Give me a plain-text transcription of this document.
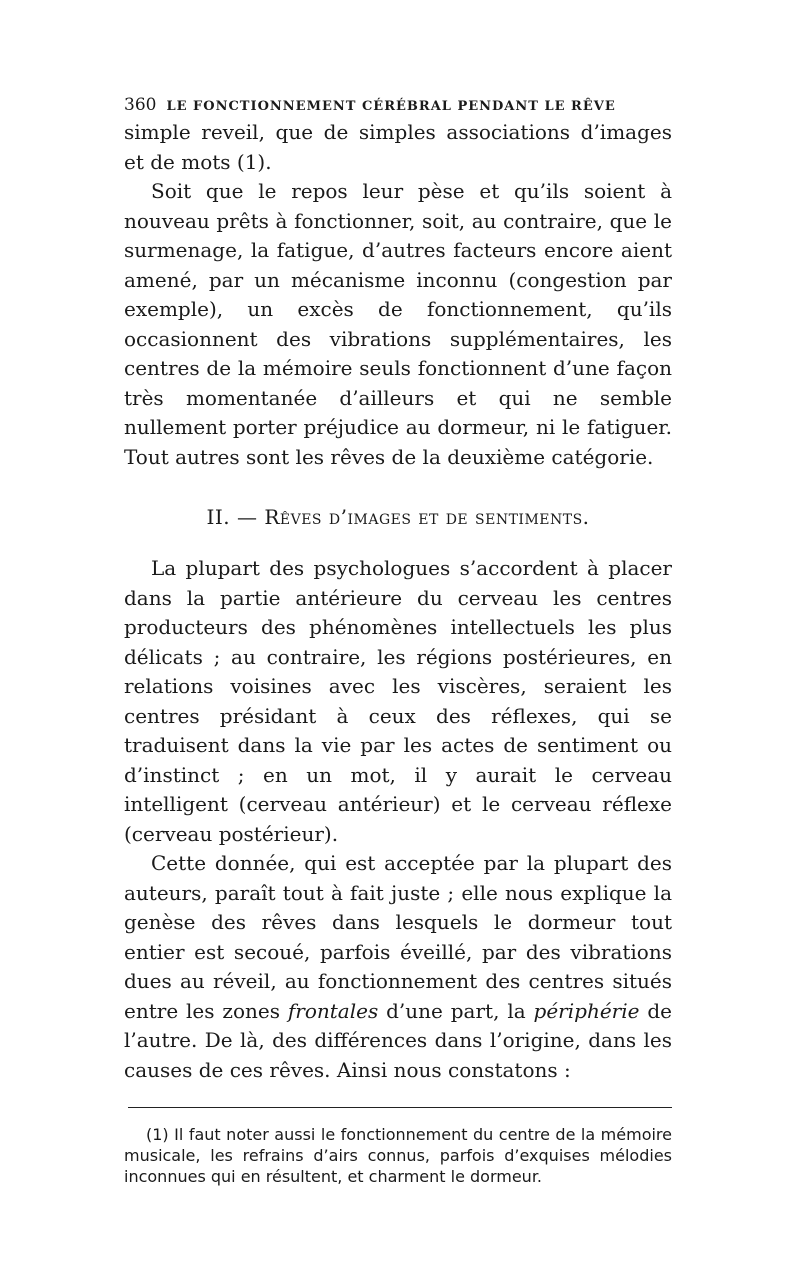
360 LE FONCTIONNEMENT CÉRÉBRAL PENDANT LE RÊVE

simple reveil, que de simples associations d’images et de mots (1).

Soit que le repos leur pèse et qu’ils soient à nouveau prêts à fonctionner, soit, au contraire, que le surmenage, la fatigue, d’autres facteurs encore aient amené, par un mécanisme inconnu (congestion par exemple), un excès de fonctionnement, qu’ils occasionnent des vibrations supplémentaires, les centres de la mémoire seuls fonctionnent d’une façon très momentanée d’ailleurs et qui ne semble nullement porter préjudice au dormeur, ni le fatiguer. Tout autres sont les rêves de la deuxième catégorie.

II. — Rêves d’images et de sentiments.

La plupart des psychologues s’accordent à placer dans la partie antérieure du cerveau les centres producteurs des phénomènes intellectuels les plus délicats ; au contraire, les régions postérieures, en relations voisines avec les viscères, seraient les centres présidant à ceux des réflexes, qui se traduisent dans la vie par les actes de sentiment ou d’instinct ; en un mot, il y aurait le cerveau intelligent (cerveau antérieur) et le cerveau réflexe (cerveau postérieur).

Cette donnée, qui est acceptée par la plupart des auteurs, paraît tout à fait juste ; elle nous explique la genèse des rêves dans lesquels le dormeur tout entier est secoué, parfois éveillé, par des vibrations dues au réveil, au fonctionnement des centres situés entre les zones frontales d’une part, la périphérie de l’autre. De là, des différences dans l’origine, dans les causes de ces rêves. Ainsi nous constatons :

(1) Il faut noter aussi le fonctionnement du centre de la mémoire musicale, les refrains d’airs connus, parfois d’exquises mélodies inconnues qui en résultent, et charment le dormeur.
